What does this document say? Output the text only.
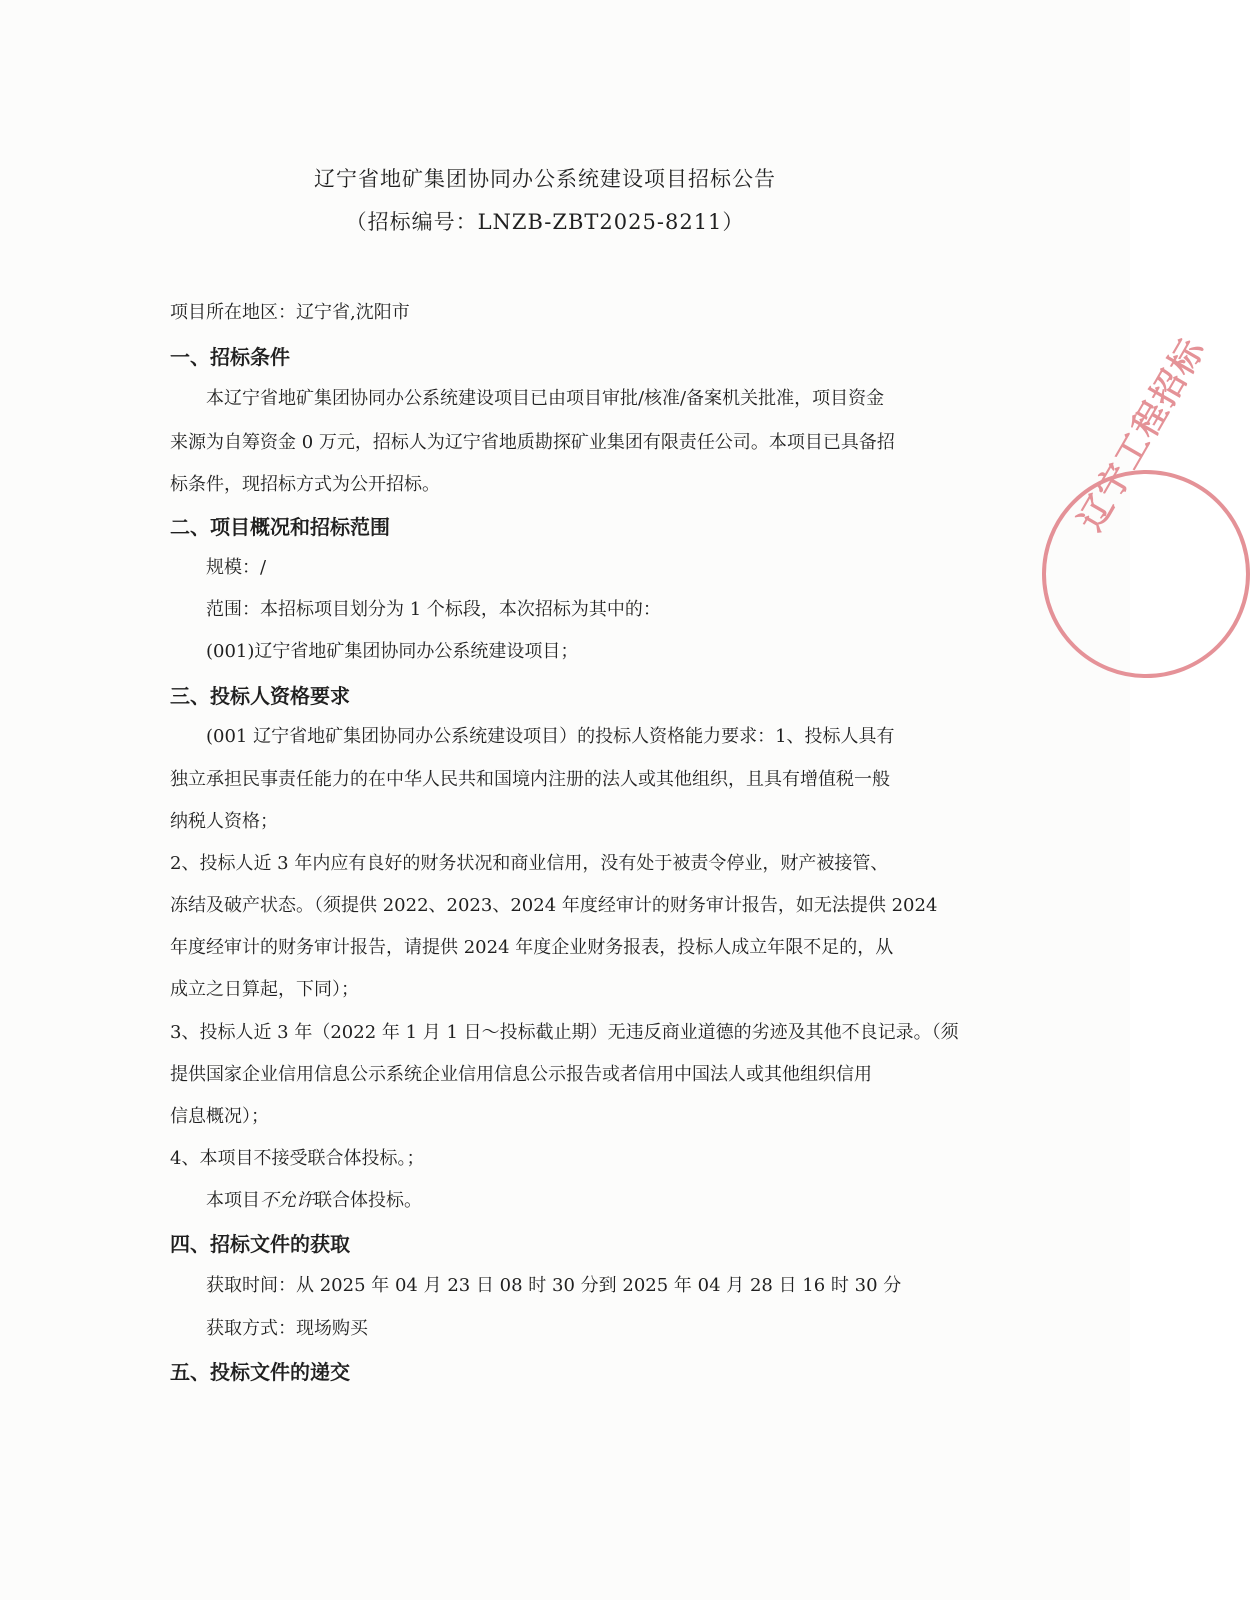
辽宁省地矿集团协同办公系统建设项目招标公告
（招标编号：LNZB-ZBT2025-8211）
项目所在地区：辽宁省,沈阳市
一、招标条件
本辽宁省地矿集团协同办公系统建设项目已由项目审批/核准/备案机关批准，项目资金
来源为自筹资金 0 万元，招标人为辽宁省地质勘探矿业集团有限责任公司。本项目已具备招
标条件，现招标方式为公开招标。
二、项目概况和招标范围
规模：/
范围：本招标项目划分为 1 个标段，本次招标为其中的：
(001)辽宁省地矿集团协同办公系统建设项目；
三、投标人资格要求
(001 辽宁省地矿集团协同办公系统建设项目）的投标人资格能力要求：1、投标人具有
独立承担民事责任能力的在中华人民共和国境内注册的法人或其他组织，且具有增值税一般
纳税人资格；
2、投标人近 3 年内应有良好的财务状况和商业信用，没有处于被责令停业，财产被接管、
冻结及破产状态。（须提供 2022、2023、2024 年度经审计的财务审计报告，如无法提供 2024
年度经审计的财务审计报告，请提供 2024 年度企业财务报表，投标人成立年限不足的，从
成立之日算起，下同）；
3、投标人近 3 年（2022 年 1 月 1 日～投标截止期）无违反商业道德的劣迹及其他不良记录。（须
提供国家企业信用信息公示系统企业信用信息公示报告或者信用中国法人或其他组织信用
信息概况）；
4、本项目不接受联合体投标。；
本项目不允许联合体投标。
四、招标文件的获取
获取时间：从 2025 年 04 月 23 日 08 时 30 分到 2025 年 04 月 28 日 16 时 30 分
获取方式：现场购买
五、投标文件的递交
辽宁工程招标
